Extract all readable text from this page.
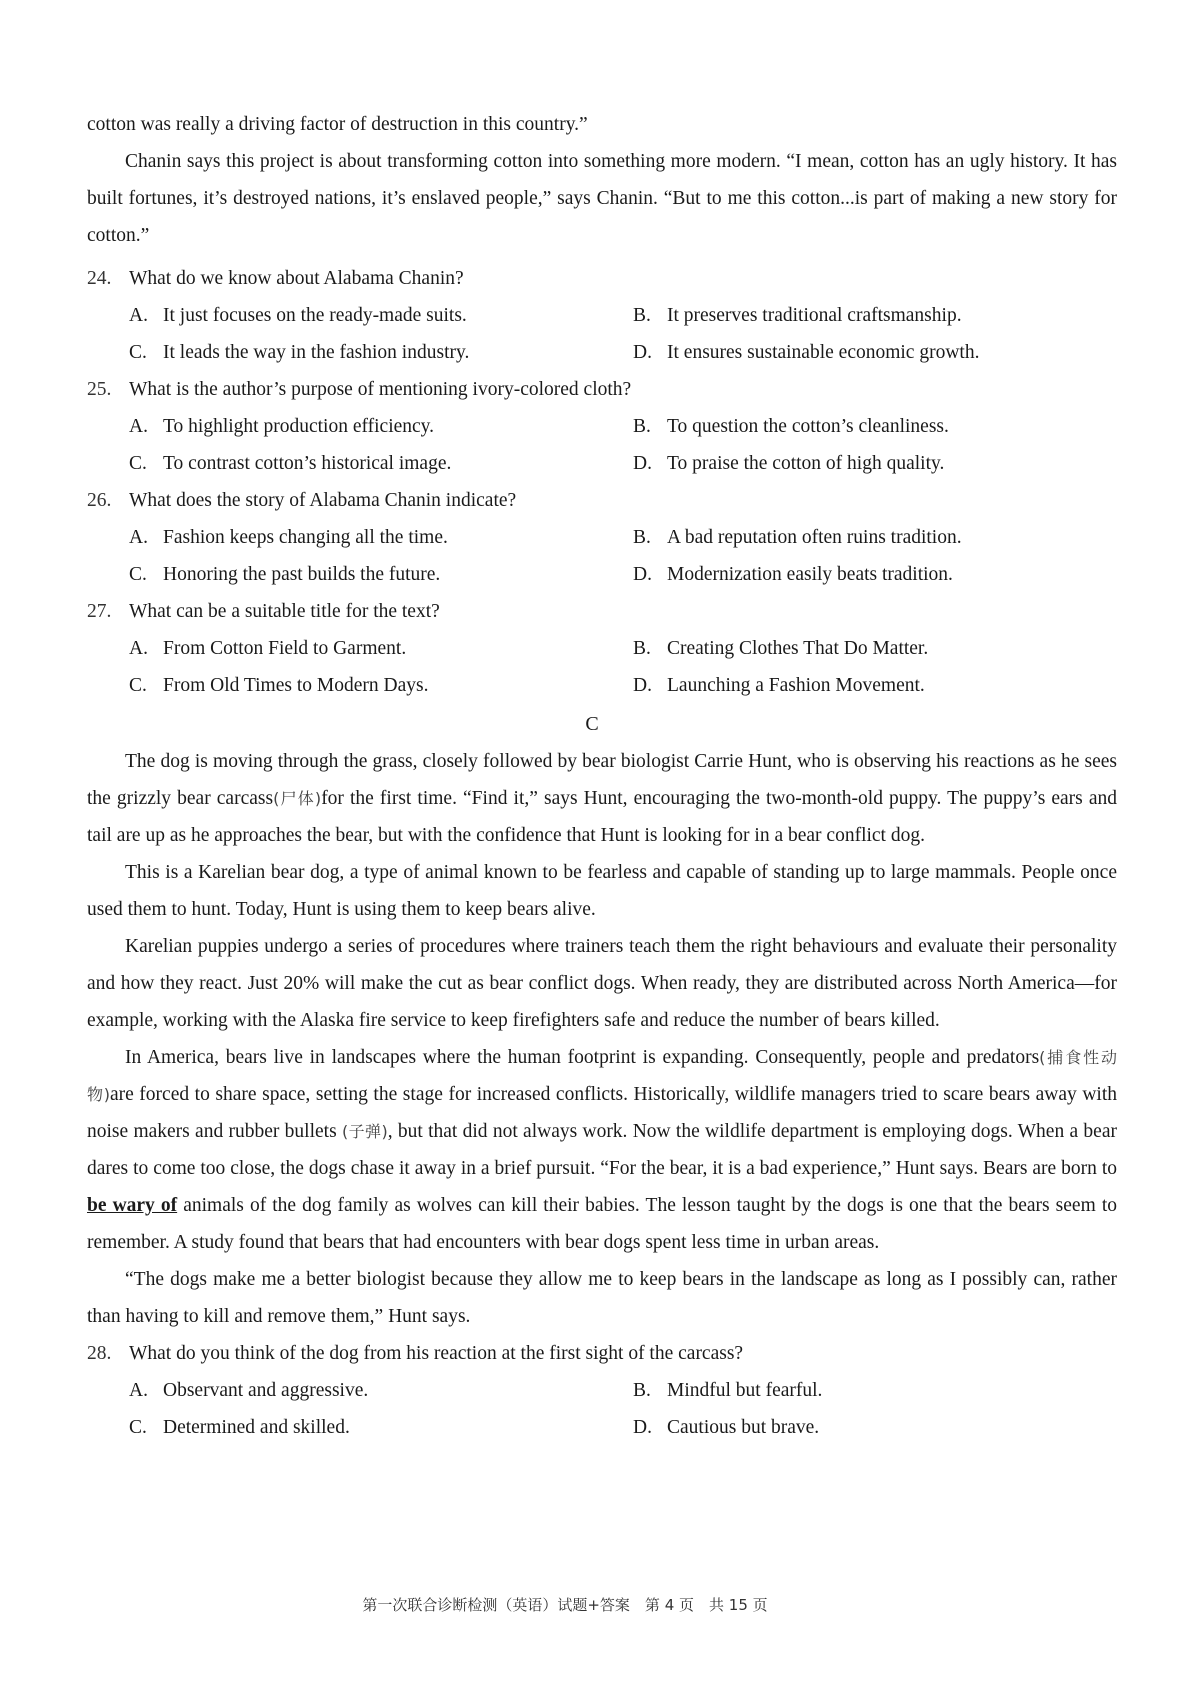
cotton was really a driving factor of destruction in this country.”

Chanin says this project is about transforming cotton into something more modern. “I mean, cotton has an ugly history. It has built fortunes, it’s destroyed nations, it’s enslaved people,” says Chanin. “But to me this cotton...is part of making a new story for cotton.”

24. What do we know about Alabama Chanin?
A. It just focuses on the ready-made suits.	B. It preserves traditional craftsmanship.
C. It leads the way in the fashion industry.	D. It ensures sustainable economic growth.
25. What is the author’s purpose of mentioning ivory-colored cloth?
A. To highlight production efficiency.	B. To question the cotton’s cleanliness.
C. To contrast cotton’s historical image.	D. To praise the cotton of high quality.
26. What does the story of Alabama Chanin indicate?
A. Fashion keeps changing all the time.	B. A bad reputation often ruins tradition.
C. Honoring the past builds the future.	D. Modernization easily beats tradition.
27. What can be a suitable title for the text?
A. From Cotton Field to Garment.	B. Creating Clothes That Do Matter.
C. From Old Times to Modern Days.	D. Launching a Fashion Movement.
C

The dog is moving through the grass, closely followed by bear biologist Carrie Hunt, who is observing his reactions as he sees the grizzly bear carcass(尸体)for the first time. “Find it,” says Hunt, encouraging the two-month-old puppy. The puppy’s ears and tail are up as he approaches the bear, but with the confidence that Hunt is looking for in a bear conflict dog.

This is a Karelian bear dog, a type of animal known to be fearless and capable of standing up to large mammals. People once used them to hunt. Today, Hunt is using them to keep bears alive.

Karelian puppies undergo a series of procedures where trainers teach them the right behaviours and evaluate their personality and how they react. Just 20% will make the cut as bear conflict dogs. When ready, they are distributed across North America—for example, working with the Alaska fire service to keep firefighters safe and reduce the number of bears killed.

In America, bears live in landscapes where the human footprint is expanding. Consequently, people and predators(捕食性动物)are forced to share space, setting the stage for increased conflicts. Historically, wildlife managers tried to scare bears away with noise makers and rubber bullets (子弹), but that did not always work. Now the wildlife department is employing dogs. When a bear dares to come too close, the dogs chase it away in a brief pursuit. “For the bear, it is a bad experience,” Hunt says. Bears are born to be wary of animals of the dog family as wolves can kill their babies. The lesson taught by the dogs is one that the bears seem to remember. A study found that bears that had encounters with bear dogs spent less time in urban areas.

“The dogs make me a better biologist because they allow me to keep bears in the landscape as long as I possibly can, rather than having to kill and remove them,” Hunt says.

28. What do you think of the dog from his reaction at the first sight of the carcass?
A. Observant and aggressive.	B. Mindful but fearful.
C. Determined and skilled.	D. Cautious but brave.
第一次联合诊断检测（英语）试题+答案　第 4 页　共 15 页
